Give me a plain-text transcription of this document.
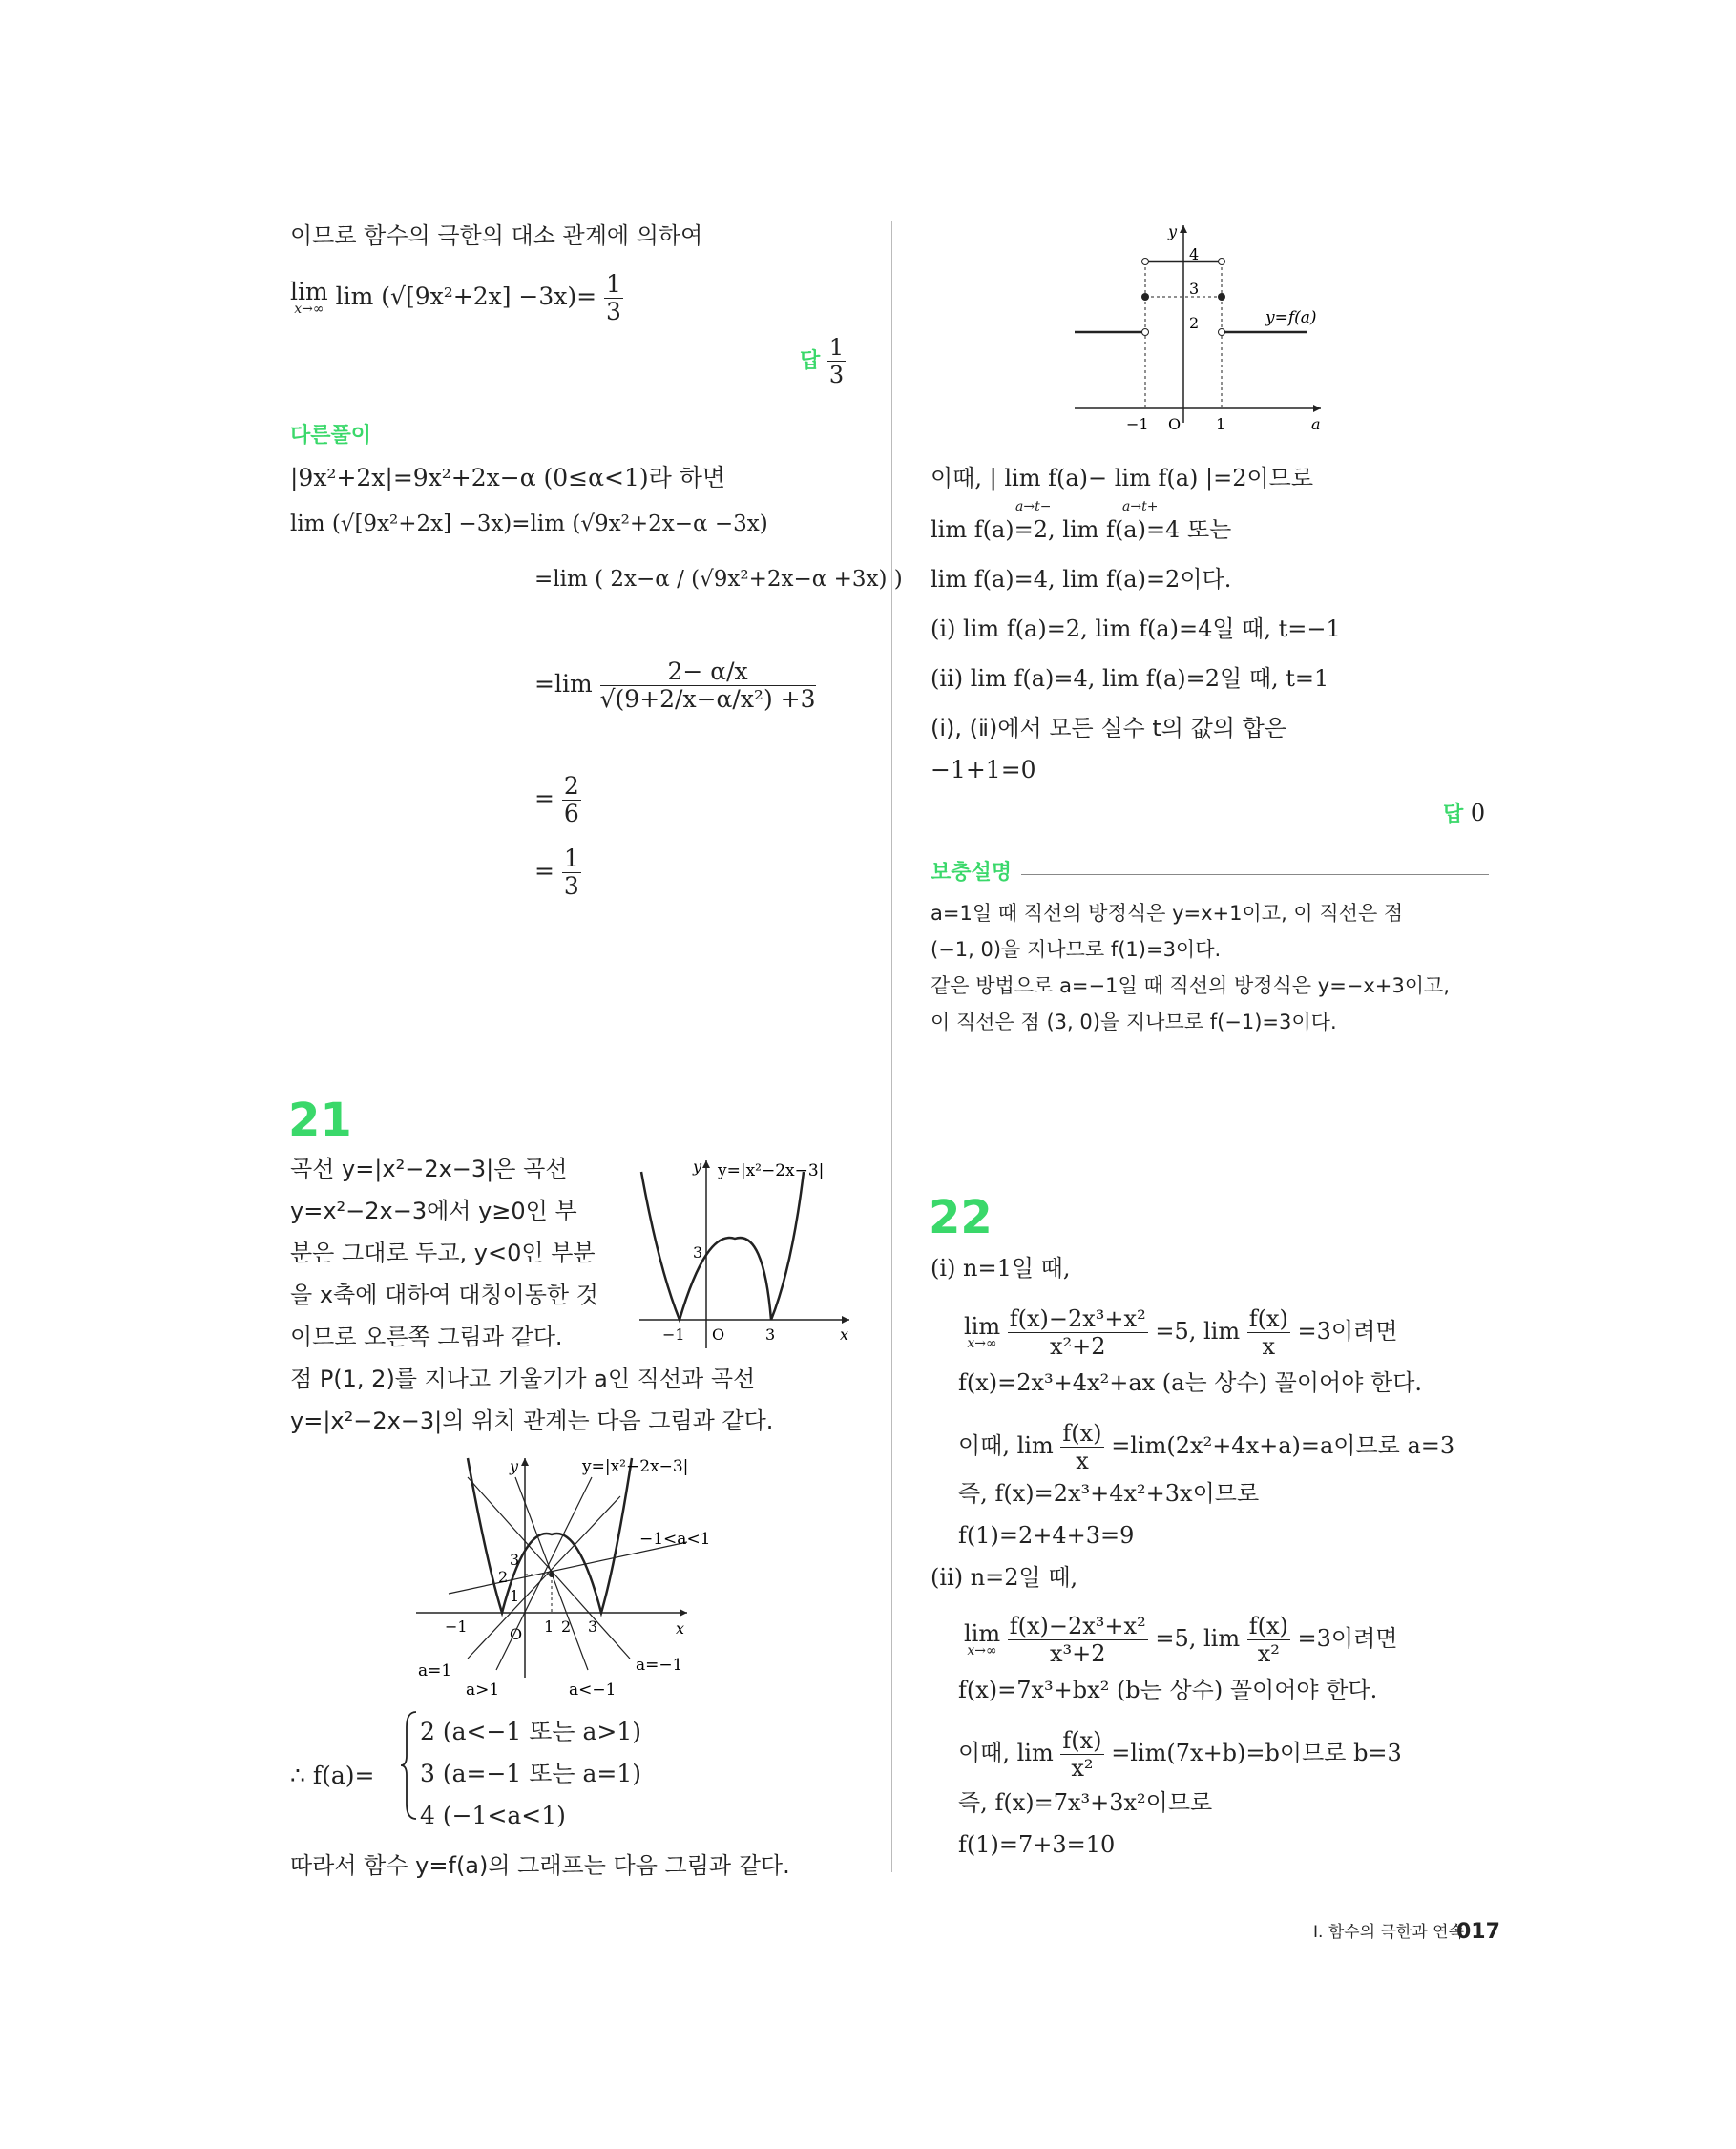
이므로 함수의 극한의 대소 관계에 의하여
lim
x→∞ $\lim (√[9x^2+2x] -3x)= \frac{1}{3}$
답 $\frac{1}{3}$
다른풀이
|9x²+2x|=9x²+2x−α (0≤α<1)라 하면
lim (√[9x²+2x] −3x)=lim (√9x²+2x−α −3x)
=lim ( 2x−α / (√9x²+2x−α +3x) )
$=\lim \frac{2- \alpha/x}{\text{√(9+2/x−α/x²) +3}}$
= $\frac{2}{6}$
= $\frac{1}{3}$
21
곡선 y=|x²−2x−3|은 곡선
y=x²−2x−3에서 y≥0인 부
분은 그대로 두고, y<0인 부분
을 x축에 대하여 대칭이동한 것
이므로 오른쪽 그림과 같다.
점 P(1, 2)를 지나고 기울기가 a인 직선과 곡선
y=|x²−2x−3|의 위치 관계는 다음 그림과 같다.
y
x
y=|x²−2x−3|
3
−1 O	3
y
x
y=|x²−2x−3|
−1<a<1
a=1
a>1
a=−1
a<−1
3
2
1
−1	O 1 2 3
∴ f(a)=
2 (a<−1 또는 a>1)
3 (a=−1 또는 a=1)
4 (−1<a<1)
따라서 함수 y=f(a)의 그래프는 다음 그림과 같다.
y
a
4
3
2
−1 O 1
y=f(a)
이때, | lim f(a)− lim f(a) |=2이므로
lim f(a)=2, lim f(a)=4 또는
lim f(a)=4, lim f(a)=2이다.
(ⅰ) lim f(a)=2, lim f(a)=4일 때, t=−1
(ⅱ) lim f(a)=4, lim f(a)=2일 때, t=1
(ⅰ), (ⅱ)에서 모든 실수 t의 값의 합은
−1+1=0
a→t−	a→t+
답 0
보충설명
a=1일 때 직선의 방정식은 y=x+1이고, 이 직선은 점
(−1, 0)을 지나므로 f(1)=3이다.
같은 방법으로 a=−1일 때 직선의 방정식은 y=−x+3이고,
이 직선은 점 (3, 0)을 지나므로 f(−1)=3이다.
22
(ⅰ) n=1일 때,
lim
x→∞
$\frac{\text{f(x)−2x³+x²}}{\text{x²+2}} =5$, $\lim \frac{f(x)}{x} =3$이려면
f(x)=2x³+4x²+ax (a는 상수) 꼴이어야 한다.
이때, $\lim \frac{f(x)}{x} =\lim(2x^2+4x+a)=a$이므로 a=3
즉, f(x)=2x³+4x²+3x이므로
f(1)=2+4+3=9
(ⅱ) n=2일 때,
lim
x→∞
$\frac{\text{f(x)−2x³+x²}}{\text{x³+2}} =5$, $\lim \frac{f(x)}{\text{x²}} =3$이려면
f(x)=7x³+bx² (b는 상수) 꼴이어야 한다.
이때, $\lim \frac{f(x)}{\text{x²}} =\lim(7x+b)=b$이므로 b=3
즉, f(x)=7x³+3x²이므로
f(1)=7+3=10
Ⅰ. 함수의 극한과 연속
017
